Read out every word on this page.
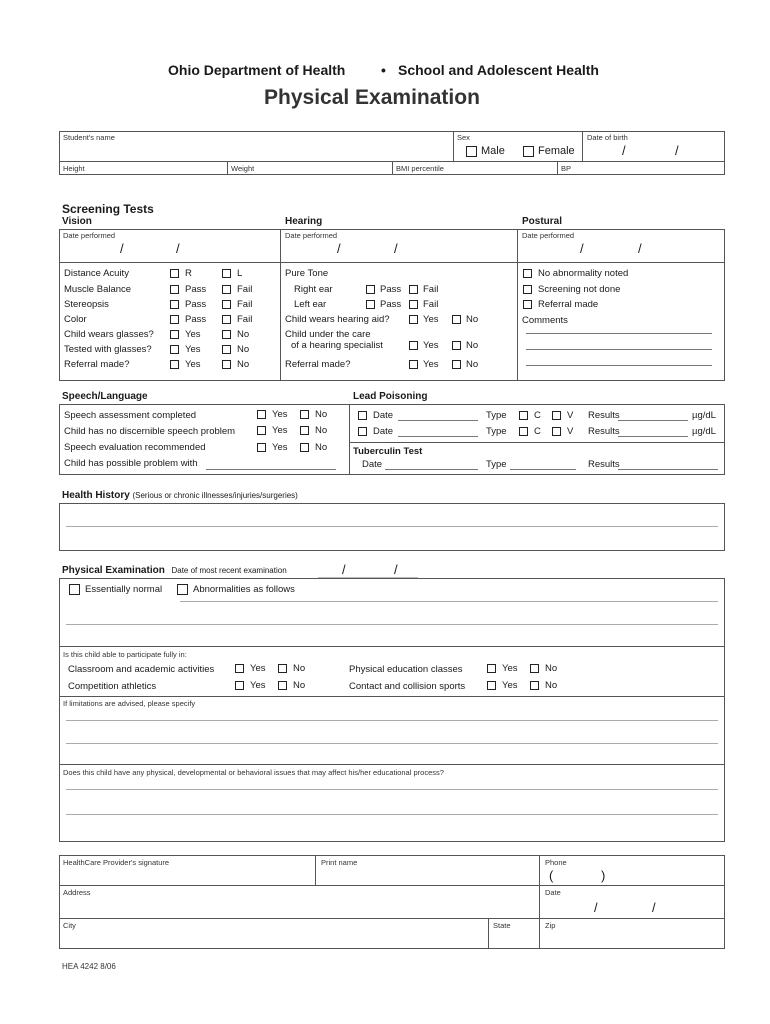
Ohio Department of Health	• School and Adolescent Health
Physical Examination
Student's name	Sex
Male	Female
Date of birth
/	/
Height	Weight	BMI percentile	BP
Screening Tests
Vision	Hearing	Postural
Date performed
/	/
Date performed
/	/
Date performed
/	/
Distance Acuity	R	L
Muscle Balance	Pass	Fail
Stereopsis	Pass	Fail
Color	Pass	Fail
Child wears glasses?	Yes	No
Tested with glasses?	Yes	No
Referral made?	Yes	No
Pure Tone
Right ear	Pass Fail
Left ear	Pass Fail
Child wears hearing aid?	Yes	No
Child under the care
of a hearing specialist	Yes	No
Referral made?	Yes	No
No abnormality noted
Screening not done
Referral made
Comments
Speech/Language	Lead Poisoning
Speech assessment completed	Yes	No
Child has no discernible speech problem	Yes	No
Speech evaluation recommended	Yes	No
Child has possible problem with
Date	Type	C	V Results	µg/dL
Date	Type	C	V Results	µg/dL
Tuberculin Test
Date	Type	Results
Health History (Serious or chronic illnesses/injuries/surgeries)
Physical Examination Date of most recent examination	/	/
Essentially normal	Abnormalities as follows
Is this child able to participate fully in:
Classroom and academic activities	Yes	No	Physical education classes	Yes	No
Competition athletics	Yes	No	Contact and collision sports	Yes	No
If limitations are advised, please specify
Does this child have any physical, developmental or behavioral issues that may affect his/her educational process?
HealthCare Provider's signature	Print name	Phone
(	)
Address	Date
/	/
City	State	Zip
HEA 4242 8/06
